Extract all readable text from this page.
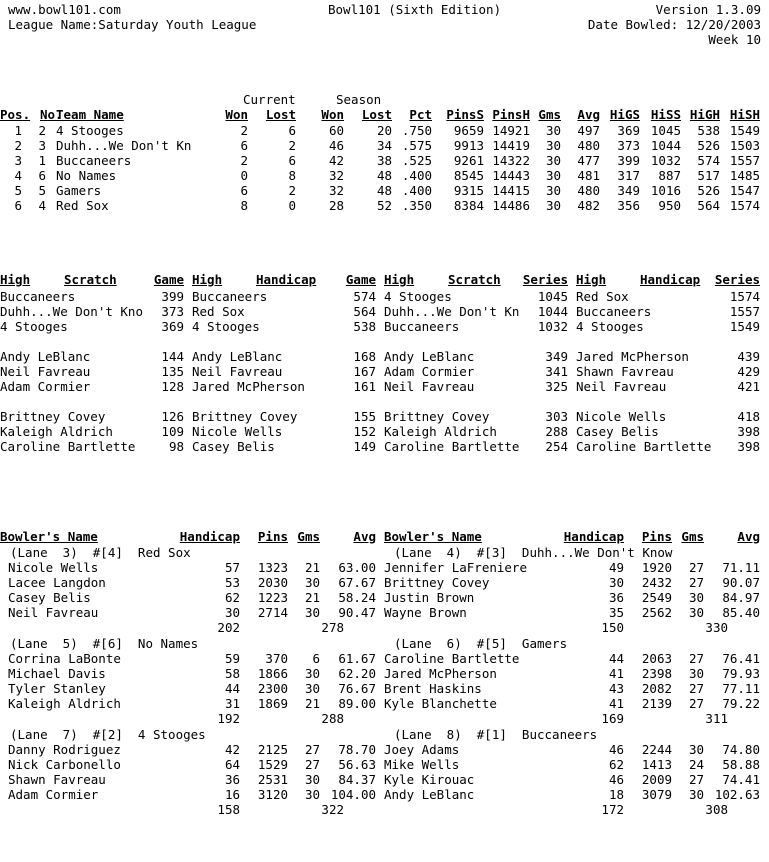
www.bowl101.com	Bowl101 (Sixth Edition)	Version 1.3.09
League Name:Saturday Youth League	Date Bowled: 12/20/2003
Week 10
Current	Season
Pos. No.
Team Name	Won	Lost	Won	Lost	Pct	PinsS PinsH Gms	Avg HiGS HiSS HiGH HiSH
1	2 4 Stooges	2	6	60	20 .750	9659 14921	30	497	369 1045	538 1549
2	3 Duhh...We Don't Kn	6	2	46	34 .575	9913 14419	30	480	373 1044	526 1503
3	1 Buccaneers	2	6	42	38 .525	9261 14322	30	477	399 1032	574 1557
4	6 No Names	0	8	32	48 .400	8545 14443	30	481	317	887	517 1485
5	5 Gamers	6	2	32	48 .400	9315 14415	30	480	349 1016	526 1547
6	4 Red Sox	8	0	28	52 .350	8384 14486	30	482	356	950	564 1574
High	Scratch	Game High	Handicap	Game High	Scratch	Series High	Handicap	Series
Buccaneers	399
Duhh...We Don't Kno	373
4 Stooges	369
Andy LeBlanc	144
Neil Favreau	135
Adam Cormier	128
Brittney Covey	126
Kaleigh Aldrich	109
Caroline Bartlette	98
Buccaneers	574
Red Sox	564
4 Stooges	538
Andy LeBlanc	168
Neil Favreau	167
Jared McPherson	161
Brittney Covey	155
Nicole Wells	152
Casey Belis	149
4 Stooges	1045
Duhh...We Don't Kn	1044
Buccaneers	1032
Andy LeBlanc	349
Adam Cormier	341
Neil Favreau	325
Brittney Covey	303
Kaleigh Aldrich	288
Caroline Bartlette	254
Red Sox	1574
Buccaneers	1557
4 Stooges	1549
Jared McPherson	439
Shawn Favreau	429
Neil Favreau	421
Nicole Wells	418
Casey Belis	398
Caroline Bartlette	398
Bowler's Name	Handicap	Pins Gms	Avg
(Lane  3)  #[4]  Red Sox
Nicole Wells	57	1323	21	63.00
Lacee Langdon	53	2030	30	67.67
Casey Belis	62	1223	21	58.24
Neil Favreau	30	2714	30	90.47
202	278
(Lane  5)  #[6]  No Names
Corrina LaBonte	59	370	6	61.67
Michael Davis	58	1866	30	62.20
Tyler Stanley	44	2300	30	76.67
Kaleigh Aldrich	31	1869	21	89.00
192	288
(Lane  7)  #[2]  4 Stooges
Danny Rodriguez	42	2125	27	78.70
Nick Carbonello	64	1529	27	56.63
Shawn Favreau	36	2531	30	84.37
Adam Cormier	16	3120	30 104.00
158	322
Bowler's Name	Handicap	Pins Gms	Avg
(Lane  4)  #[3]  Duhh...We Don't Know
Jennifer LaFreniere	49	1920	27	71.11
Brittney Covey	30	2432	27	90.07
Justin Brown	36	2549	30	84.97
Wayne Brown	35	2562	30	85.40
150	330
(Lane  6)  #[5]  Gamers
Caroline Bartlette	44	2063	27	76.41
Jared McPherson	41	2398	30	79.93
Brent Haskins	43	2082	27	77.11
Kyle Blanchette	41	2139	27	79.22
169	311
(Lane  8)  #[1]  Buccaneers
Joey Adams	46	2244	30	74.80
Mike Wells	62	1413	24	58.88
Kyle Kirouac	46	2009	27	74.41
Andy LeBlanc	18	3079	30 102.63
172	308
